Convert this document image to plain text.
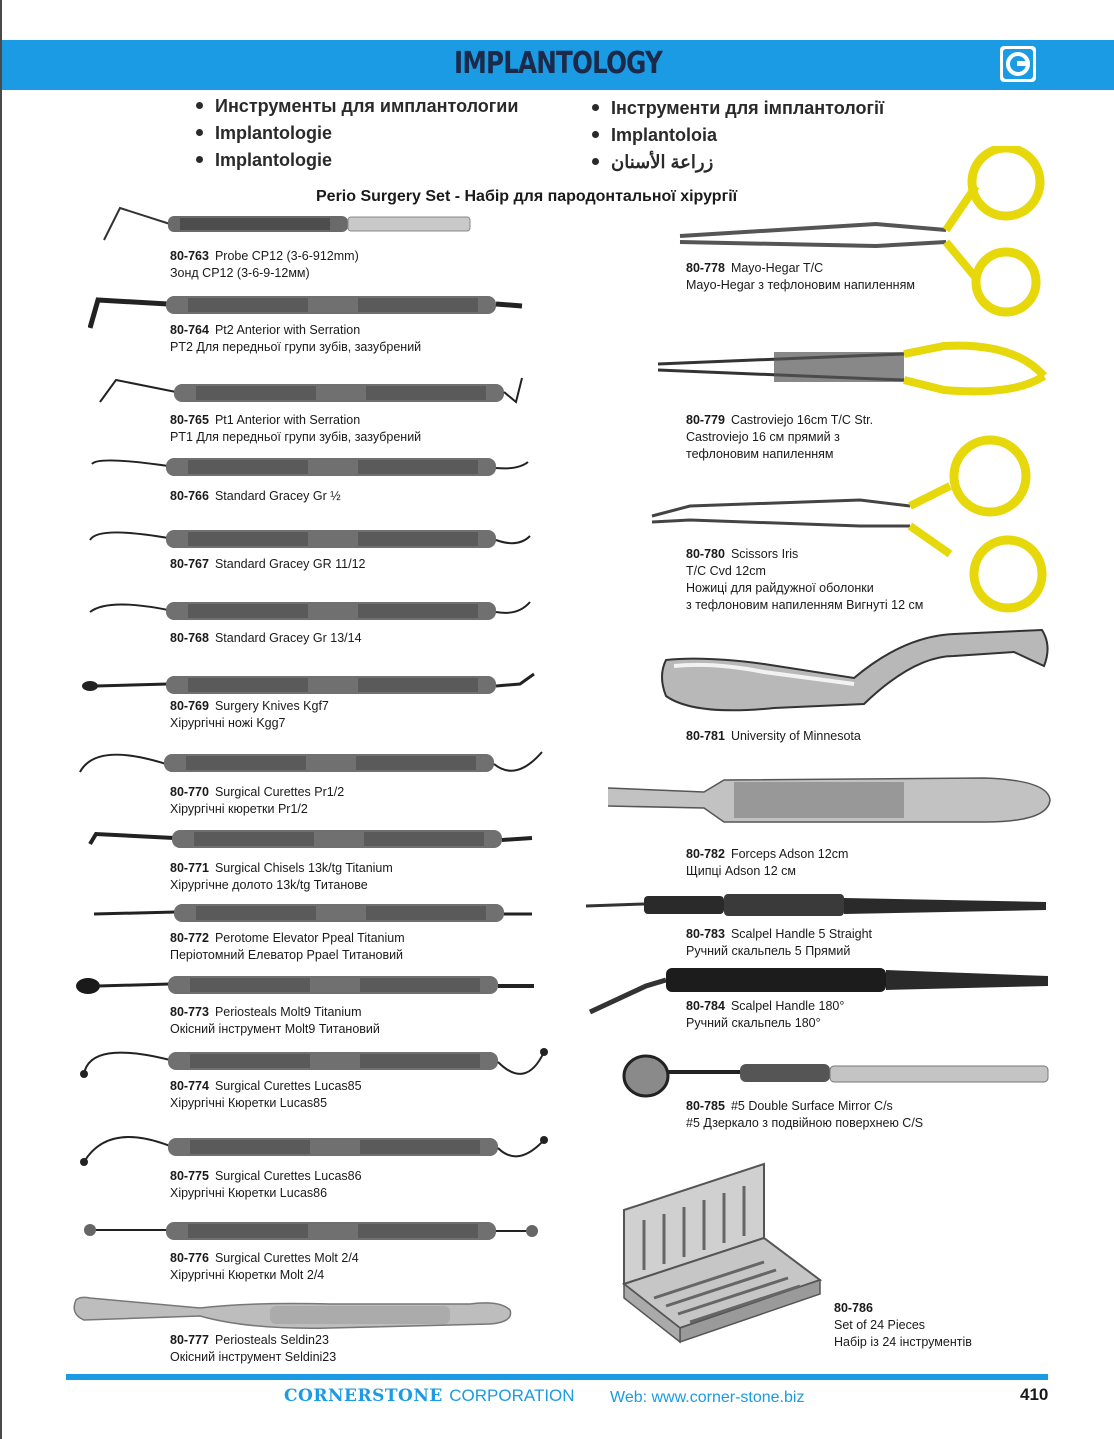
IMPLANTOLOGY
Инструменты для имплантологии
Implantologie
Implantologie
Інструменти для імплантології
Implantoloia
زراعة الأسنان
Perio Surgery Set - Набір для пародонтальної хірургії
80-763 Probe CP12 (3-6-912mm)
Зонд CP12 (3-6-9-12мм)
80-764 Pt2 Anterior with Serration
PT2 Для передньої групи зубів, зазубрений
80-765 Pt1 Anterior with Serration
PT1 Для передньої групи зубів, зазубрений
80-766 Standard Gracey Gr ½
80-767 Standard Gracey GR 11/12
80-768 Standard Gracey Gr 13/14
80-769 Surgery Knives Kgf7
Хірургічні ножі Kgg7
80-770 Surgical Curettes Pr1/2
Хірургічні кюретки Pr1/2
80-771 Surgical Chisels 13k/tg Titanium
Хірургічне долото 13k/tg Титанове
80-772 Perotome Elevator Ppeal Titanium
Періотомний Елеватор Ppael Титановий
80-773 Periosteals Molt9 Titanium
Окісний інструмент Molt9 Титановий
80-774 Surgical Curettes Lucas85
Хірургічні Кюретки Lucas85
80-775 Surgical Curettes Lucas86
Хірургічні Кюретки Lucas86
80-776 Surgical Curettes Molt 2/4
Хірургічні Кюретки Molt 2/4
80-777 Periosteals Seldin23
Окісний інструмент Seldini23
80-778 Mayo-Hegar T/C
Mayo-Hegar з тефлоновим напиленням
80-779 Castroviejo 16cm T/C Str.
Castroviejo 16 см прямий з
тефлоновим напиленням
80-780 Scissors Iris
T/C Cvd 12cm
Ножиці для райдужної оболонки
з тефлоновим напиленням Вигнуті 12 см
80-781 University of Minnesota
80-782 Forceps Adson 12cm
Щипці Adson 12 см
80-783 Scalpel Handle 5 Straight
Ручний скальпель 5 Прямий
80-784 Scalpel Handle 180°
Ручний скальпель 180°
80-785 #5 Double Surface Mirror C/s
#5 Дзеркало з подвійною поверхнею C/S
80-786
Set of 24 Pieces
Набір із 24 інструментів
CORNERSTONE CORPORATION Web: www.corner-stone.biz	410
